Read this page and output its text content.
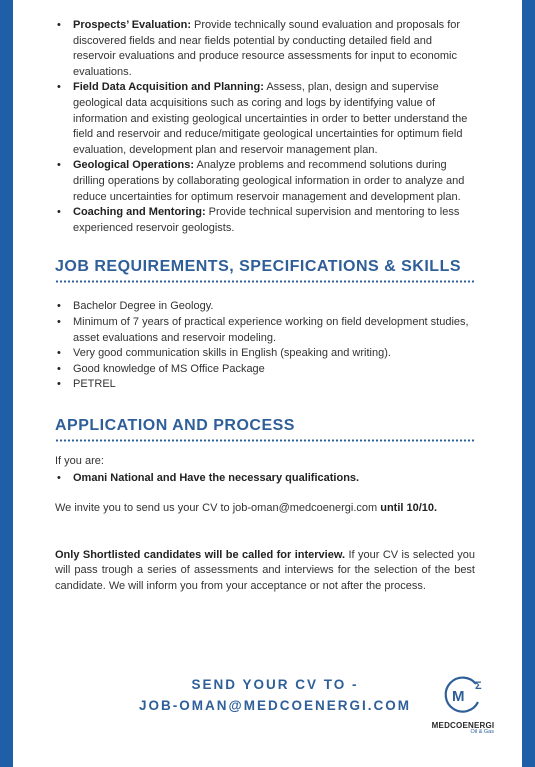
• Prospects’ Evaluation: Provide technically sound evaluation and proposals for discovered fields and near fields potential by conducting detailed field and reservoir evaluations and produce resource assessments for input to economic evaluations.
• Field Data Acquisition and Planning: Assess, plan, design and supervise geological data acquisitions such as coring and logs by identifying value of information and existing geological uncertainties in order to better understand the field and reservoir and reduce/mitigate geological uncertainties for optimum field evaluation, development plan and reservoir management plan.
• Geological Operations: Analyze problems and recommend solutions during drilling operations by collaborating geological information in order to analyze and reduce uncertainties for optimum reservoir management and development plan.
• Coaching and Mentoring: Provide technical supervision and mentoring to less experienced reservoir geologists.
JOB REQUIREMENTS, SPECIFICATIONS & SKILLS
• Bachelor Degree in Geology.
• Minimum of 7 years of practical experience working on field development studies, asset evaluations and reservoir modeling.
• Very good communication skills in English (speaking and writing).
• Good knowledge of MS Office Package
• PETREL
APPLICATION AND PROCESS

If you are:

• Omani National and Have the necessary qualifications.

We invite you to send us your CV to job-oman@medcoenergi.com until 10/10.

Only Shortlisted candidates will be called for interview. If your CV is selected you will pass trough a series of assessments and interviews for the selection of the best candidate. We will inform you from your acceptance or not after the process.

SEND YOUR CV TO -
JOB-OMAN@MEDCOENERGI.COM
M
Σ
MEDCOENERGI
Oil & Gas
